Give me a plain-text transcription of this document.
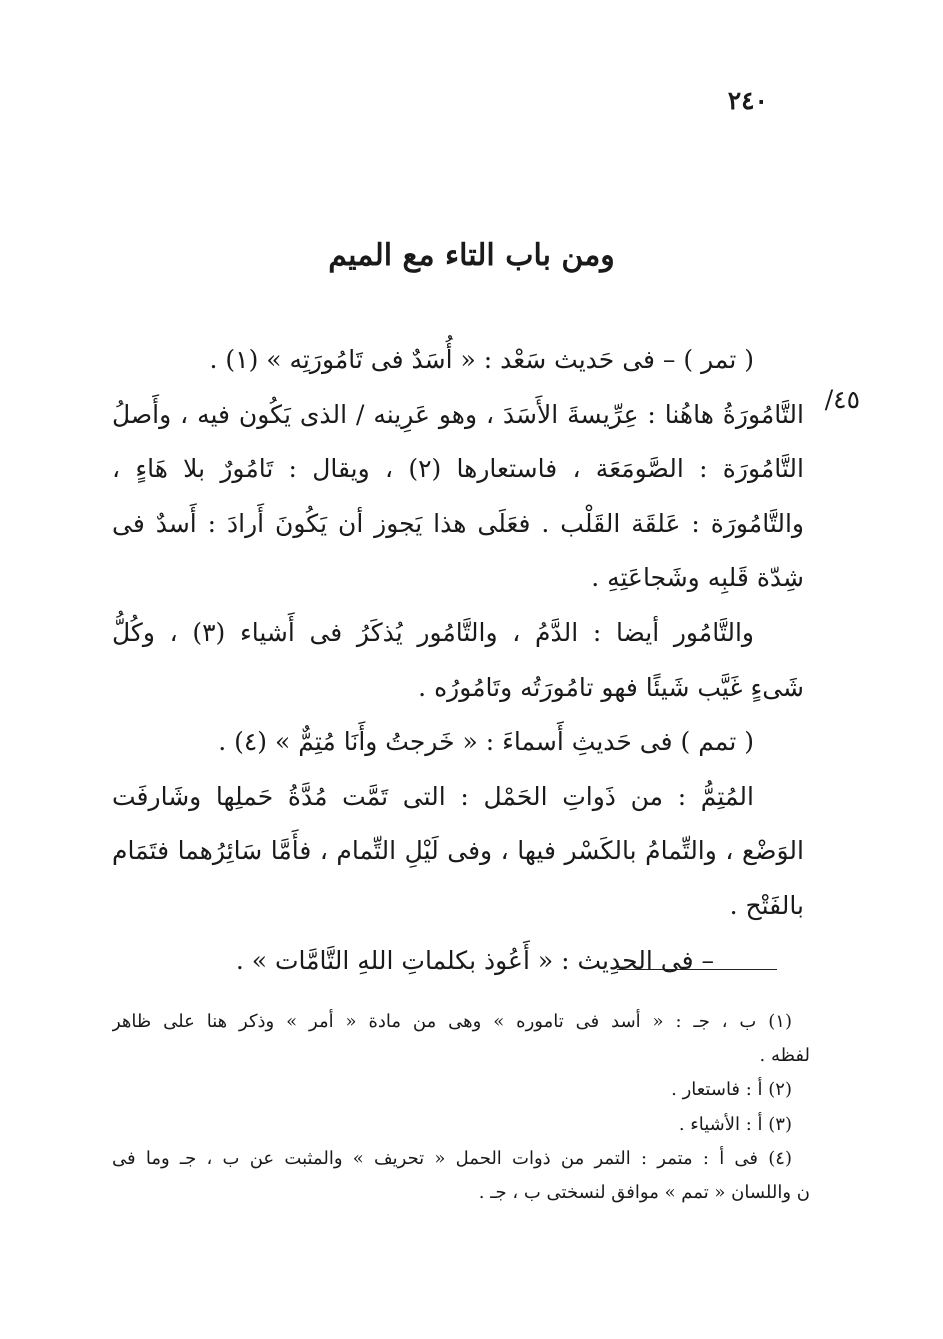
٢٤٠
ومن باب التاء مع الميم
٤٥/
( تمر ) – فى حَديث سَعْد : « أُسَدٌ فى تَامُورَتِه » (١) .
التَّامُورَةُ هاهُنا : عِرِّيسةَ الأَسَدَ ، وهو عَرِينه / الذى يَكُون فيه ، وأَصلُ
التَّامُورَة : الصَّومَعَة ، فاستعارها (٢) ، ويقال : تَامُورٌ بلا هَاءٍ ،
والتَّامُورَة : عَلقَة القَلْب . فعَلَى هذا يَجوز أن يَكُونَ أَرادَ : أَسدٌ فى
شِدّة قَلبِه وشَجاعَتِهِ .
والتَّامُور أيضا : الدَّمُ ، والتَّامُور يُذكَرُ فى أَشياء (٣) ، وكُلُّ
شَىءٍ غَيَّب شَيئًا فهو تامُورَتُه وتَامُورُه .
( تمم ) فى حَديثِ أَسماءَ : « خَرجتُ وأَنَا مُتِمٌّ » (٤) .
المُتِمُّ : من ذَواتِ الحَمْل : التى تَمَّت مُدَّةُ حَملِها وشَارفَت
الوَضْع ، والتِّمامُ بالكَسْر فيها ، وفى لَيْلِ التِّمام ، فأَمَّا سَائِرُهما فتَمَام
بالفَتْح .
– فى الحدِيث : « أَعُوذ بكلماتِ اللهِ التَّامَّات » .
(١) ب ، جـ : « أسد فى تاموره » وهى من مادة « أمر » وذكر هنا على ظاهر
لفظه .
(٢) أ : فاستعار .
(٣) أ : الأشياء .
(٤) فى أ : متمر : التمر من ذوات الحمل « تحريف » والمثبت عن ب ، جـ وما فى
ن واللسان « تمم » موافق لنسختى ب ، جـ .
